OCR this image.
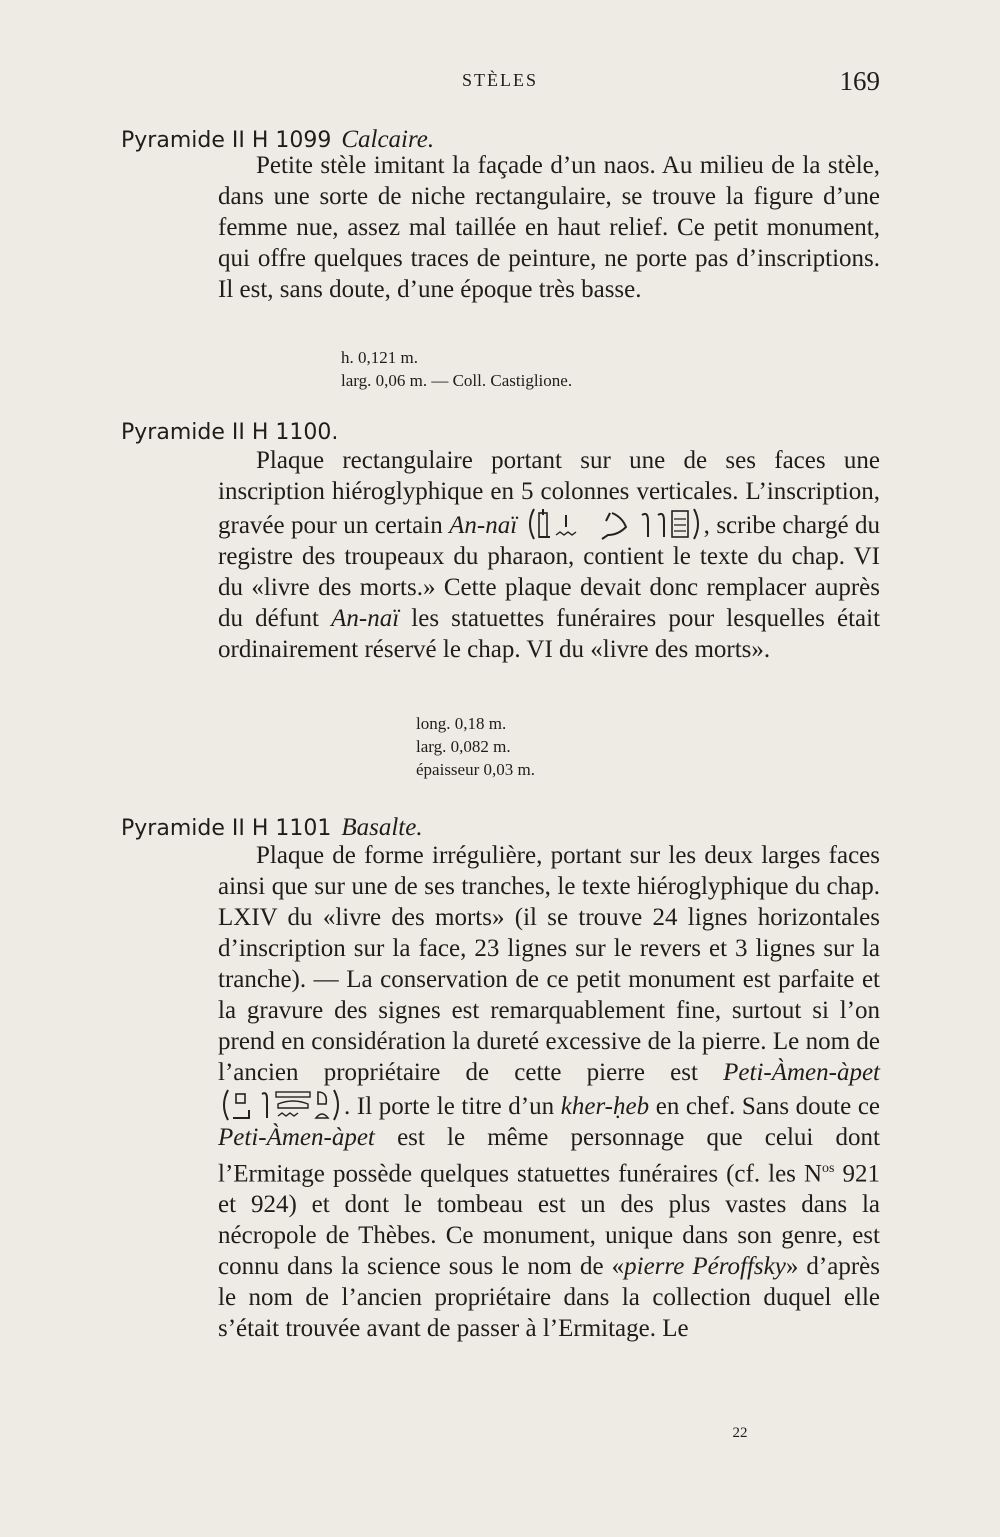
STÈLES	169
Pyramide II H 1099 Calcaire.

Petite stèle imitant la façade d’un naos. Au milieu de la stèle, dans une sorte de niche rectangulaire, se trouve la figure d’une femme nue, assez mal taillée en haut relief. Ce petit monument, qui offre quelques traces de peinture, ne porte pas d’inscriptions. Il est, sans doute, d’une époque très basse.

h. 0,121 m.
larg. 0,06 m. — Coll. Castiglione.
Pyramide II H 1100.

Plaque rectangulaire portant sur une de ses faces une inscription hiéroglyphique en 5 colonnes verticales. L’inscription, gravée pour un certain An-naï	, scribe chargé du registre des troupeaux du pharaon, contient le texte du chap. VI du «livre des morts.» Cette plaque devait donc remplacer auprès du défunt An-naï les statuettes funéraires pour lesquelles était ordinairement réservé le chap. VI du «livre des morts».

long. 0,18 m.
larg. 0,082 m.
épaisseur 0,03 m.
Pyramide II H 1101 Basalte.

Plaque de forme irrégulière, portant sur les deux larges faces ainsi que sur une de ses tranches, le texte hiéroglyphique du chap. LXIV du «livre des morts» (il se trouve 24 lignes horizontales d’inscription sur la face, 23 lignes sur le revers et 3 lignes sur la tranche). — La conservation de ce petit monument est parfaite et la gravure des signes est remarquablement fine, surtout si l’on prend en considération la dureté excessive de la pierre. Le nom de l’ancien propriétaire de cette pierre est Peti-Àmen-àpet
. Il porte le titre d’un kher-ḥeb en chef. Sans doute ce Peti-Àmen-àpet est le même personnage que celui dont l’Ermitage possède quelques statuettes funéraires (cf. les $N^{os}$ 921 et 924) et dont le tombeau est un des plus vastes dans la nécropole de Thèbes. Ce monument, unique dans son genre, est connu dans la science sous le nom de «pierre Péroffsky» d’après le nom de l’ancien propriétaire dans la collection duquel elle s’était trouvée avant de passer à l’Ermitage. Le

22
